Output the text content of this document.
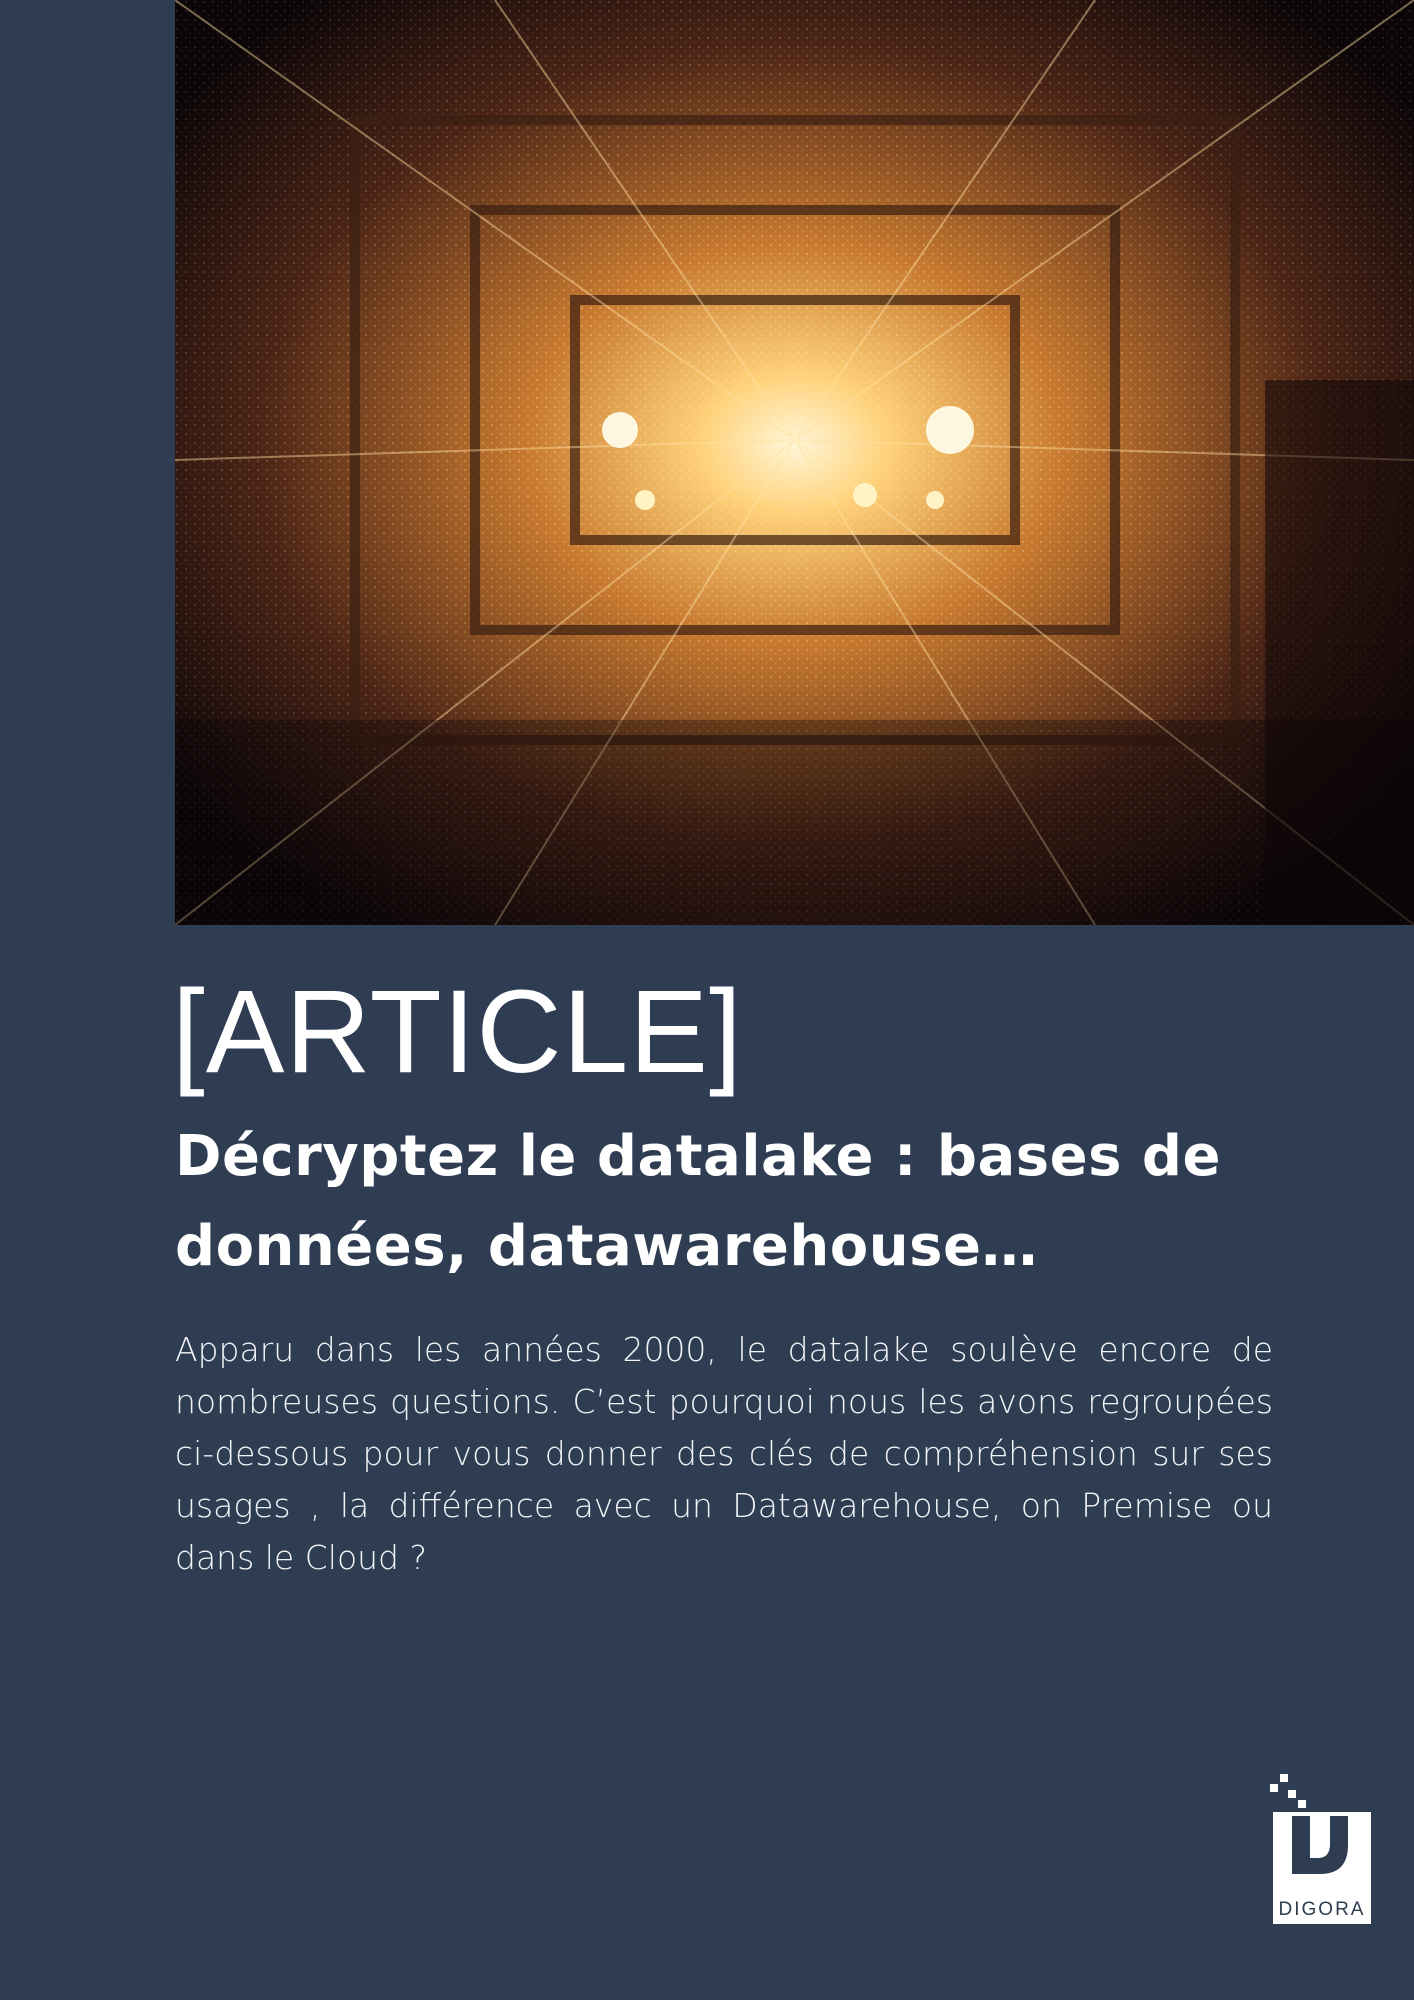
[ARTICLE]
Décryptez le datalake : bases de données, datawarehouse…

Apparu dans les années 2000, le datalake soulève encore de nombreuses questions. C’est pourquoi nous les avons regroupées ci-dessous pour vous donner des clés de compréhension sur ses usages , la différence avec un Datawarehouse, on Premise ou dans le Cloud ?

DIGORA
